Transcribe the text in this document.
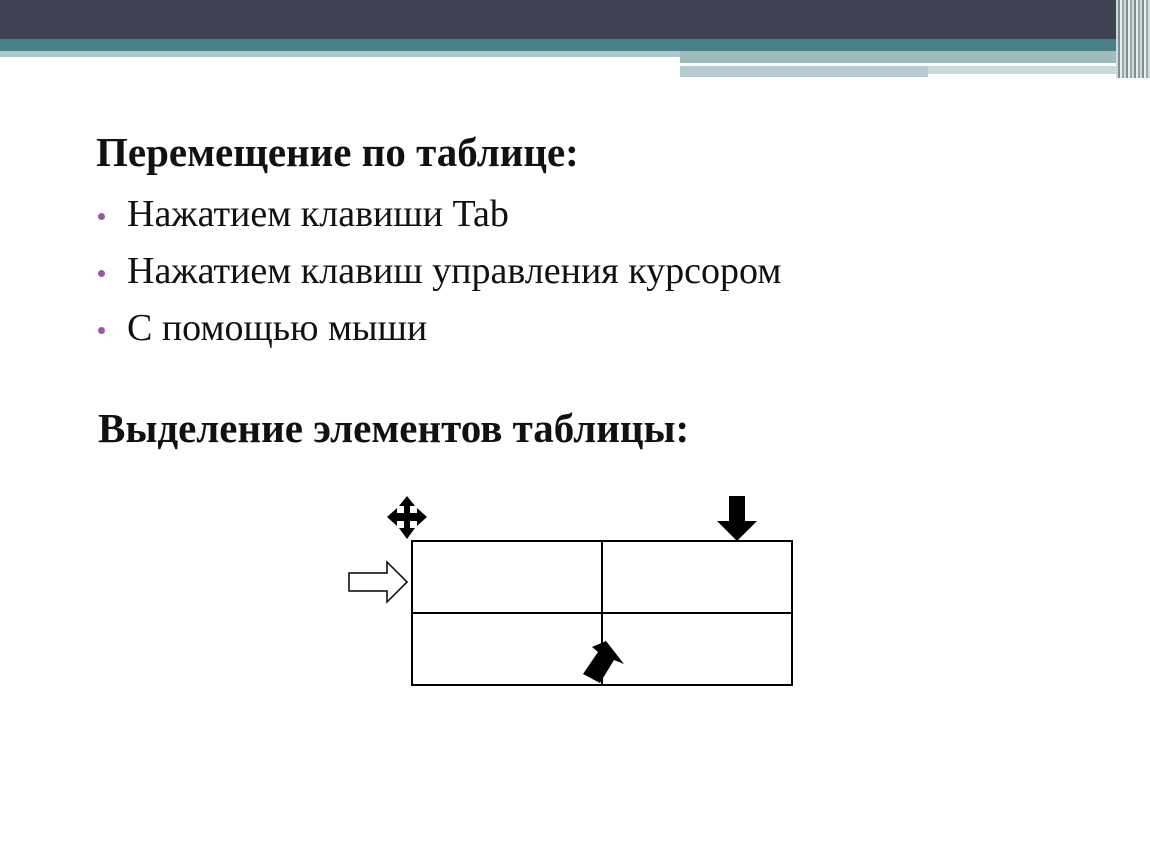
Перемещение по таблице:
Нажатием клавиши Tab
Нажатием клавиш управления курсором
С помощью мыши
Выделение элементов таблицы:
